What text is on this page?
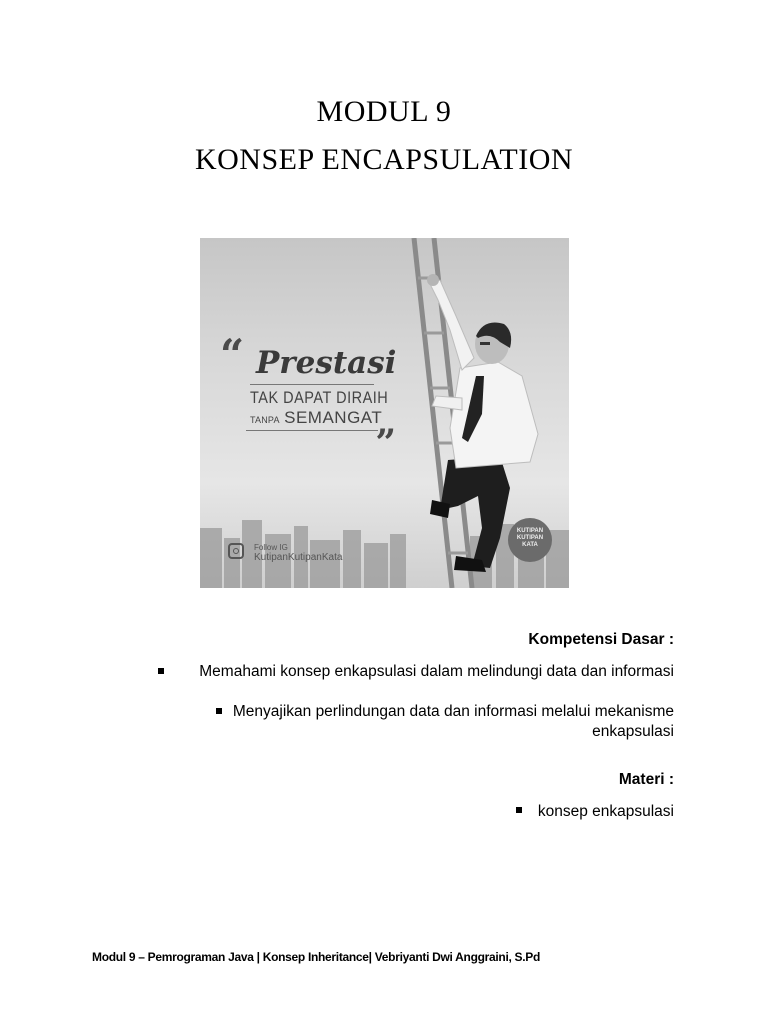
MODUL 9
KONSEP ENCAPSULATION
“ Prestasi
TAK DAPAT DIRAIH
TANPA SEMANGAT
„
Follow IG
KutipanKutipanKata
KUTIPAN
KUTIPAN
KATA
Kompetensi Dasar :
Memahami konsep enkapsulasi dalam melindungi data dan informasi
Menyajikan perlindungan data dan informasi melalui mekanisme enkapsulasi
Materi :
konsep enkapsulasi
Modul 9 – Pemrograman Java | Konsep Inheritance| Vebriyanti Dwi Anggraini, S.Pd
